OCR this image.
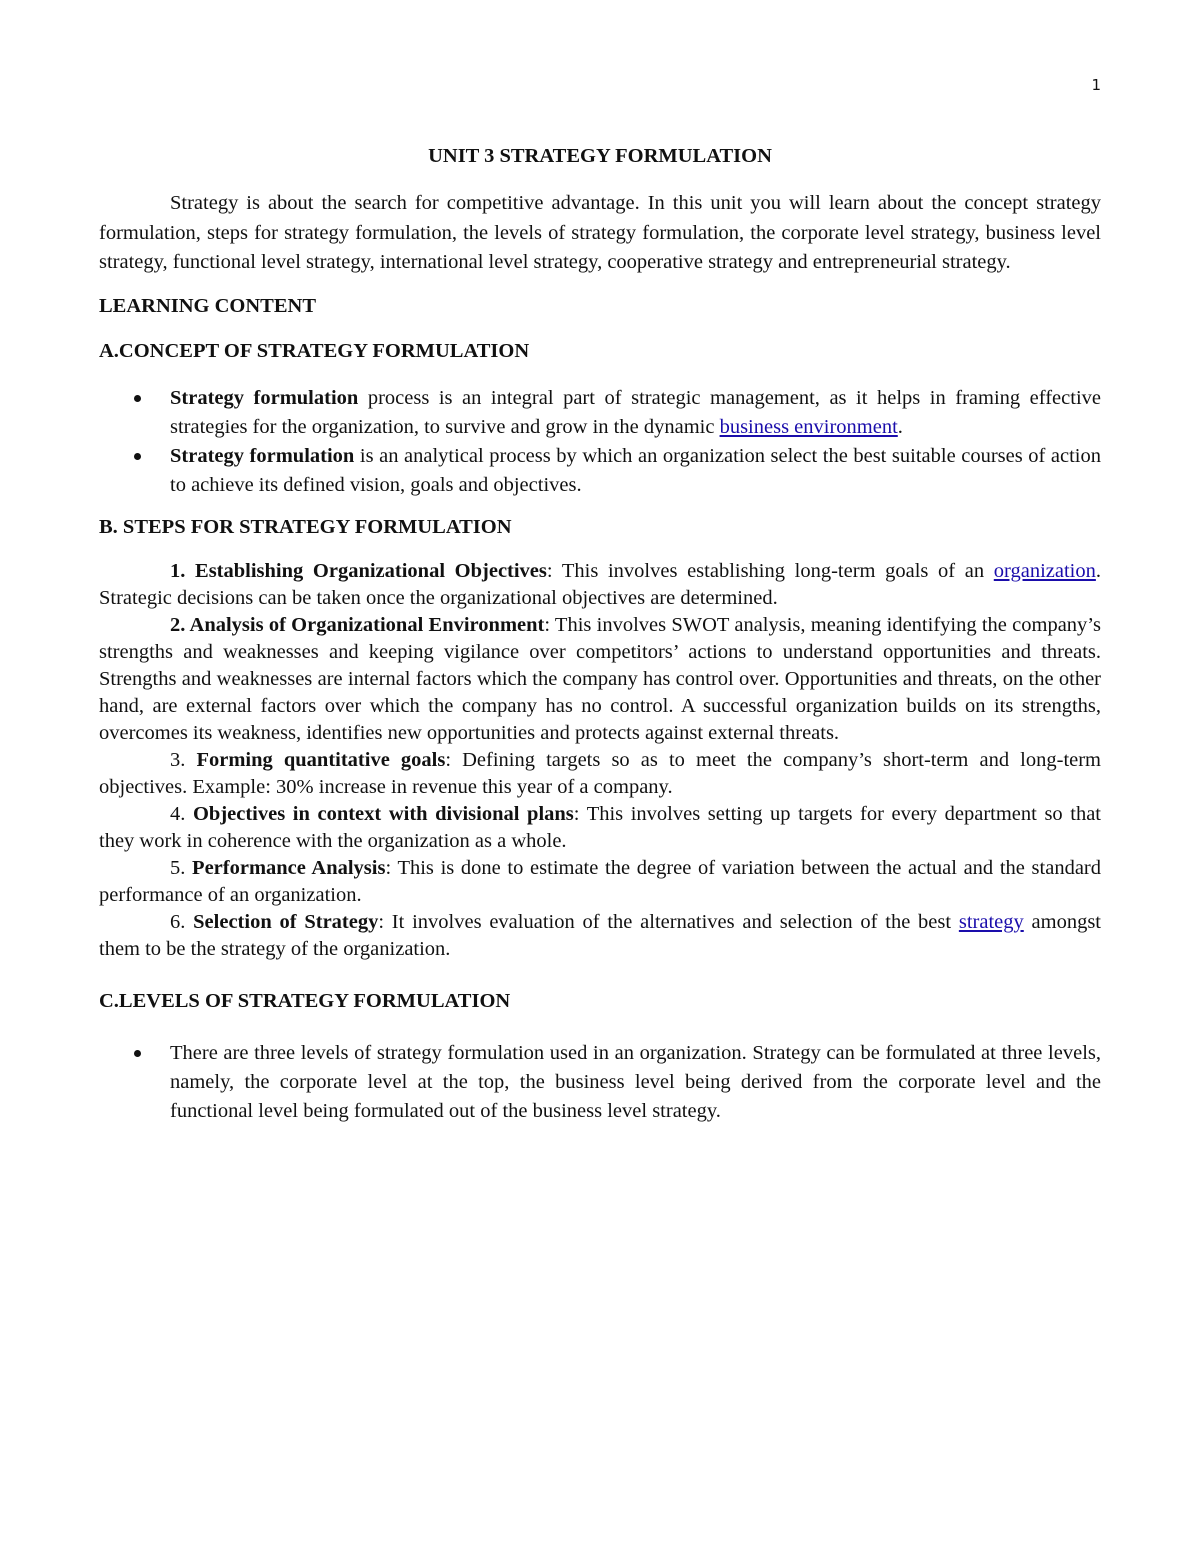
1
UNIT 3 STRATEGY FORMULATION

Strategy is about the search for competitive advantage. In this unit you will learn about the concept strategy formulation, steps for strategy formulation, the levels of strategy formulation, the corporate level strategy, business level strategy, functional level strategy, international level strategy, cooperative strategy and entrepreneurial strategy.

LEARNING CONTENT
A.CONCEPT OF STRATEGY FORMULATION
Strategy formulation process is an integral part of strategic management, as it helps in framing effective strategies for the organization, to survive and grow in the dynamic business environment.
Strategy formulation is an analytical process by which an organization select the best suitable courses of action to achieve its defined vision, goals and objectives.
B. STEPS FOR STRATEGY FORMULATION

1. Establishing Organizational Objectives: This involves establishing long-term goals of an organization. Strategic decisions can be taken once the organizational objectives are determined.

2. Analysis of Organizational Environment: This involves SWOT analysis, meaning identifying the company’s strengths and weaknesses and keeping vigilance over competitors’ actions to understand opportunities and threats. Strengths and weaknesses are internal factors which the company has control over. Opportunities and threats, on the other hand, are external factors over which the company has no control. A successful organization builds on its strengths, overcomes its weakness, identifies new opportunities and protects against external threats.

3. Forming quantitative goals: Defining targets so as to meet the company’s short-term and long-term objectives. Example: 30% increase in revenue this year of a company.

4. Objectives in context with divisional plans: This involves setting up targets for every department so that they work in coherence with the organization as a whole.

5. Performance Analysis: This is done to estimate the degree of variation between the actual and the standard performance of an organization.

6. Selection of Strategy: It involves evaluation of the alternatives and selection of the best strategy amongst them to be the strategy of the organization.

C.LEVELS OF STRATEGY FORMULATION
There are three levels of strategy formulation used in an organization. Strategy can be formulated at three levels, namely, the corporate level at the top, the business level being derived from the corporate level and the functional level being formulated out of the business level strategy.
